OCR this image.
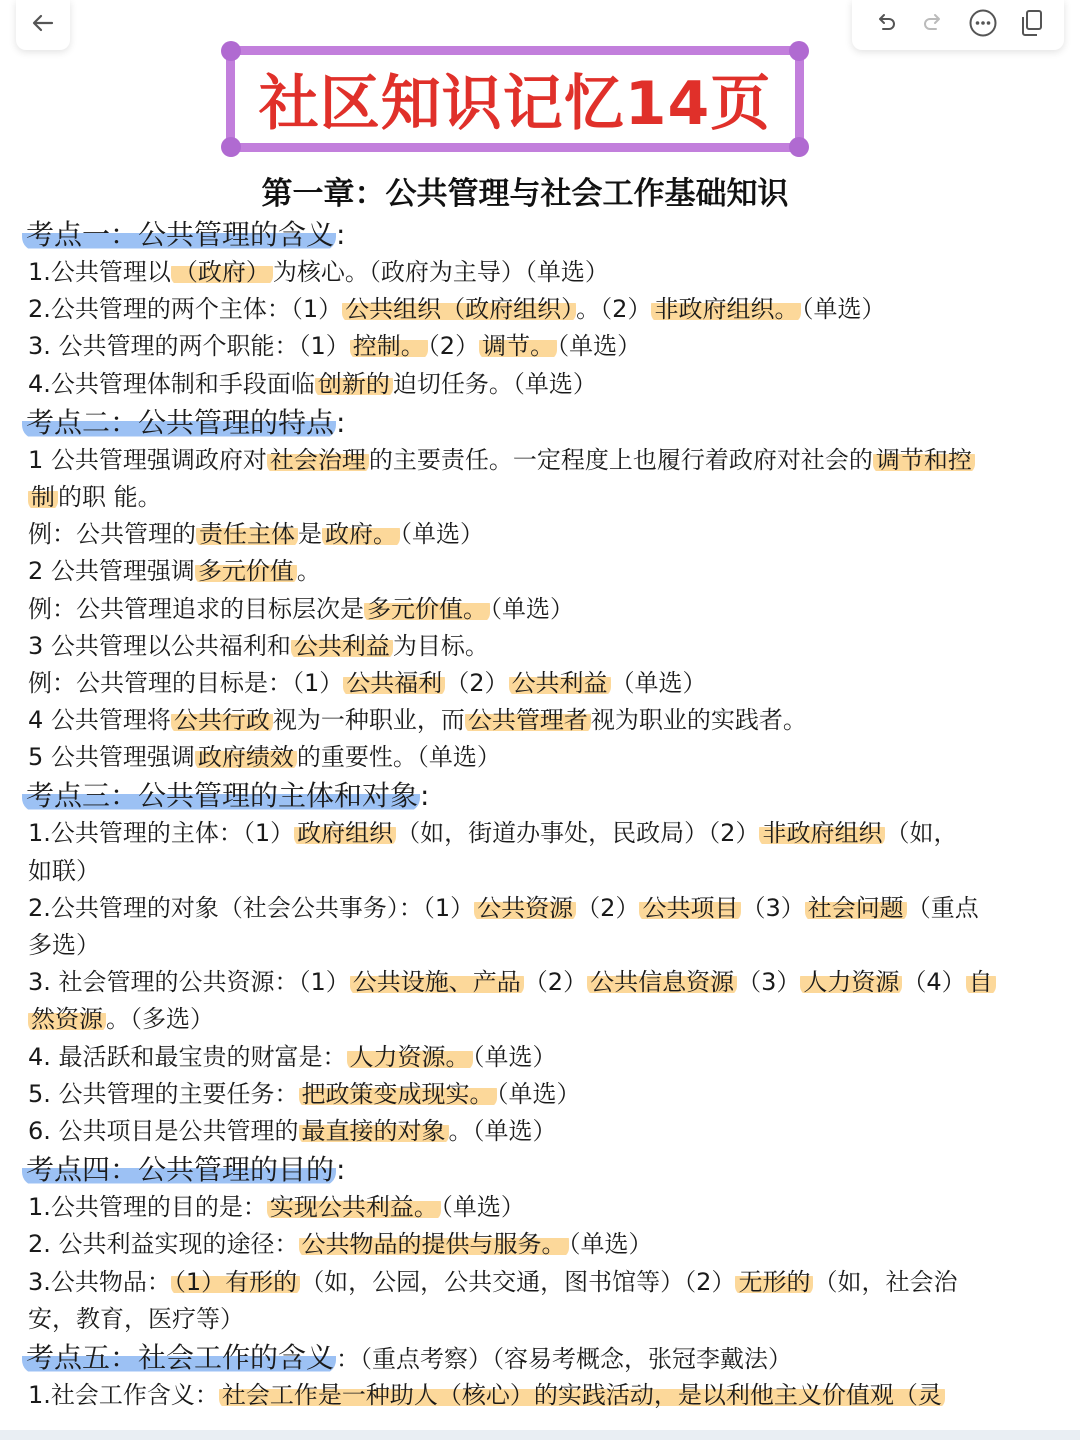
社区知识记忆14页
第一章：公共管理与社会工作基础知识
考点一：公共管理的含义:
1.公共管理以 （政府） 为核心。（政府为主导）（单选）
2.公共管理的两个主体：（1） 公共组织（政府组织） 。（2） 非政府组织。 （单选）
3. 公共管理的两个职能：（1） 控制。 （2） 调节。 （单选）
4.公共管理体制和手段面临 创新的 迫切任务。（单选）
考点二：公共管理的特点:
1 公共管理强调政府对 社会治理 的主要责任。一定程度上也履行着政府对社会的 调节和控
制 的职 能。
例：公共管理的 责任主体 是 政府。 （单选）
2 公共管理强调 多元价值 。
例：公共管理追求的目标层次是 多元价值。 （单选）
3 公共管理以公共福利和 公共利益 为目标。
例：公共管理的目标是：（1） 公共福利 （2） 公共利益 （单选）
4 公共管理将 公共行政 视为一种职业，而 公共管理者 视为职业的实践者。
5 公共管理强调 政府绩效 的重要性。（单选）
考点三：公共管理的主体和对象:
1.公共管理的主体：（1） 政府组织 （如，街道办事处，民政局）（2） 非政府组织 （如，
如联）
2.公共管理的对象（社会公共事务）：（1） 公共资源 （2） 公共项目 （3） 社会问题 （重点
多选）
3. 社会管理的公共资源：（1） 公共设施、产品 （2） 公共信息资源 （3） 人力资源 （4） 自
然资源 。（多选）
4. 最活跃和最宝贵的财富是： 人力资源。 （单选）
5. 公共管理的主要任务： 把政策变成现实。 （单选）
6. 公共项目是公共管理的 最直接的对象 。（单选）
考点四：公共管理的目的:
1.公共管理的目的是： 实现公共利益。 （单选）
2. 公共利益实现的途径： 公共物品的提供与服务。 （单选）
3.公共物品： （1）有形的 （如，公园，公共交通，图书馆等）（2） 无形的 （如，社会治
安，教育，医疗等）
考点五：社会工作的含义：（重点考察）（容易考概念，张冠李戴法）
1.社会工作含义： 社会工作是一种助人（核心）的实践活动，是以利他主义价值观（灵
